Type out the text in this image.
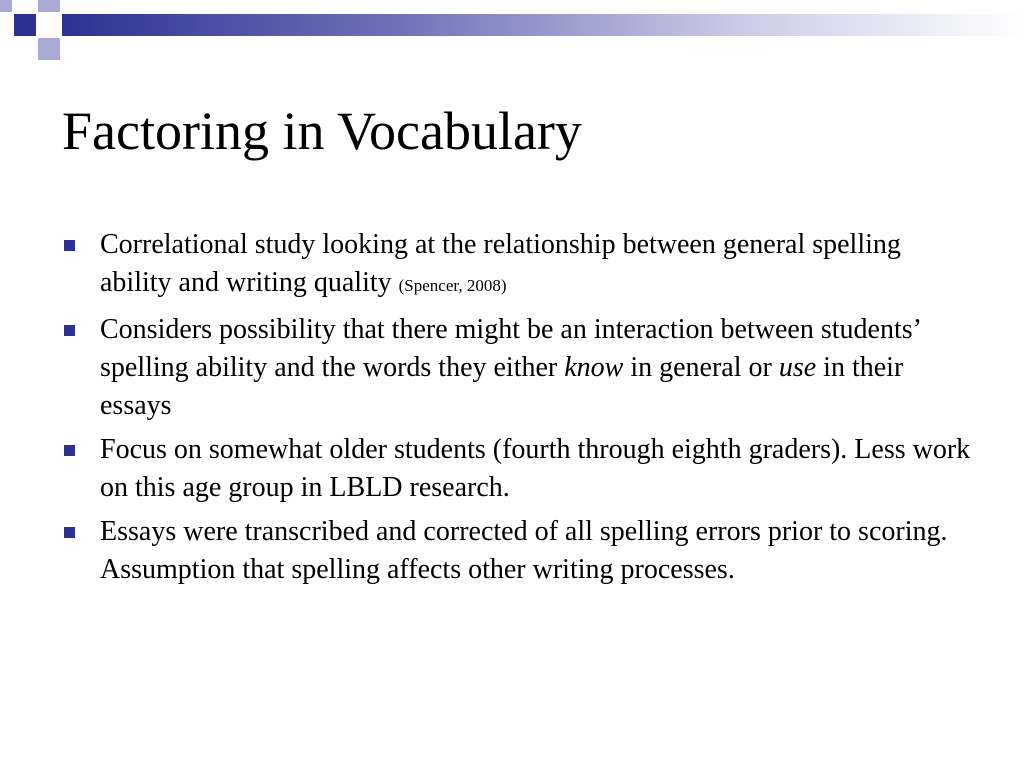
Factoring in Vocabulary
Correlational study looking at the relationship between general spelling ability and writing quality (Spencer, 2008)
Considers possibility that there might be an interaction between students’ spelling ability and the words they either know in general or use in their essays
Focus on somewhat older students (fourth through eighth graders). Less work on this age group in LBLD research.
Essays were transcribed and corrected of all spelling errors prior to scoring. Assumption that spelling affects other writing processes.
